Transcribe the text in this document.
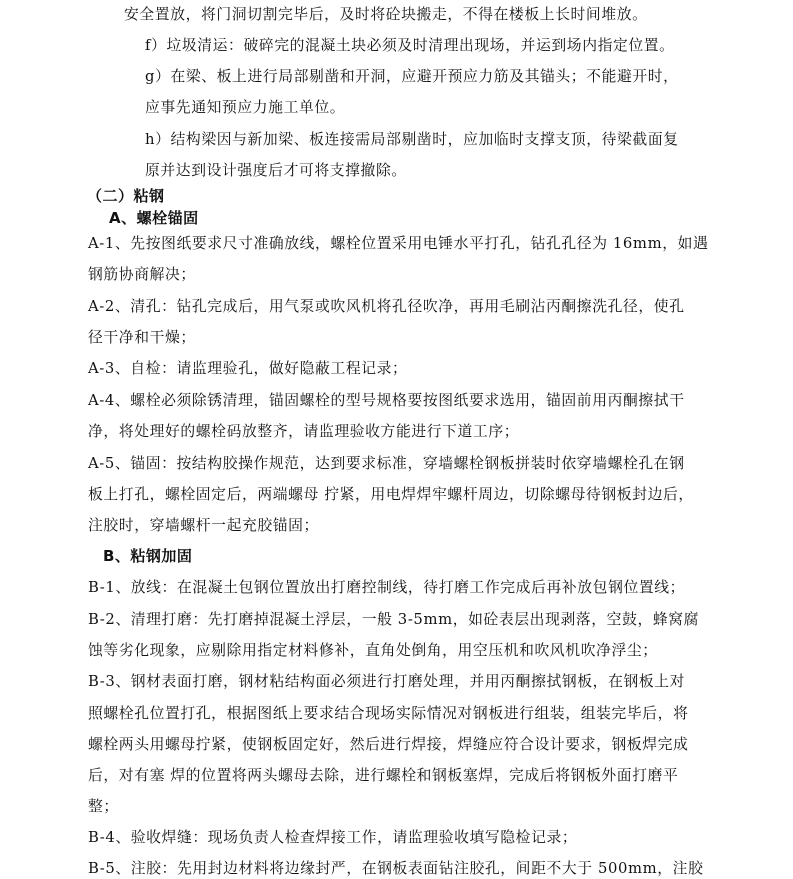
安全置放，将门洞切割完毕后，及时将砼块搬走，不得在楼板上长时间堆放。
f）垃圾清运：破碎完的混凝土块必须及时清理出现场，并运到场内指定位置。
g）在梁、板上进行局部剔凿和开洞，应避开预应力筋及其锚头；不能避开时，
应事先通知预应力施工单位。
h）结构梁因与新加梁、板连接需局部剔凿时，应加临时支撑支顶，待梁截面复
原并达到设计强度后才可将支撑撤除。
（二）粘钢
A、螺栓锚固
A-1、先按图纸要求尺寸准确放线，螺栓位置采用电锤水平打孔，钻孔孔径为 16mm，如遇
钢筋协商解决；
A-2、清孔：钻孔完成后，用气泵或吹风机将孔径吹净，再用毛刷沾丙酮擦洗孔径，使孔
径干净和干燥；
A-3、自检：请监理验孔，做好隐蔽工程记录；
A-4、螺栓必须除锈清理，锚固螺栓的型号规格要按图纸要求选用，锚固前用丙酮擦拭干
净，将处理好的螺栓码放整齐，请监理验收方能进行下道工序；
A-5、锚固：按结构胶操作规范，达到要求标准，穿墙螺栓钢板拼装时依穿墙螺栓孔在钢
板上打孔，螺栓固定后，两端螺母 拧紧，用电焊焊牢螺杆周边，切除螺母待钢板封边后，
注胶时，穿墙螺杆一起充胶锚固；
B、粘钢加固
B-1、放线：在混凝土包钢位置放出打磨控制线，待打磨工作完成后再补放包钢位置线；
B-2、清理打磨：先打磨掉混凝土浮层，一般 3-5mm，如砼表层出现剥落，空鼓，蜂窝腐
蚀等劣化现象，应剔除用指定材料修补，直角处倒角，用空压机和吹风机吹净浮尘；
B-3、钢材表面打磨，钢材粘结构面必须进行打磨处理，并用丙酮擦拭钢板，在钢板上对
照螺栓孔位置打孔，根据图纸上要求结合现场实际情况对钢板进行组装，组装完毕后，将
螺栓两头用螺母拧紧，使钢板固定好，然后进行焊接，焊缝应符合设计要求，钢板焊完成
后，对有塞 焊的位置将两头螺母去除，进行螺栓和钢板塞焊，完成后将钢板外面打磨平
整；
B-4、验收焊缝：现场负责人检查焊接工作，请监理验收填写隐检记录；
B-5、注胶：先用封边材料将边缘封严，在钢板表面钻注胶孔，间距不大于 500mm，注胶
